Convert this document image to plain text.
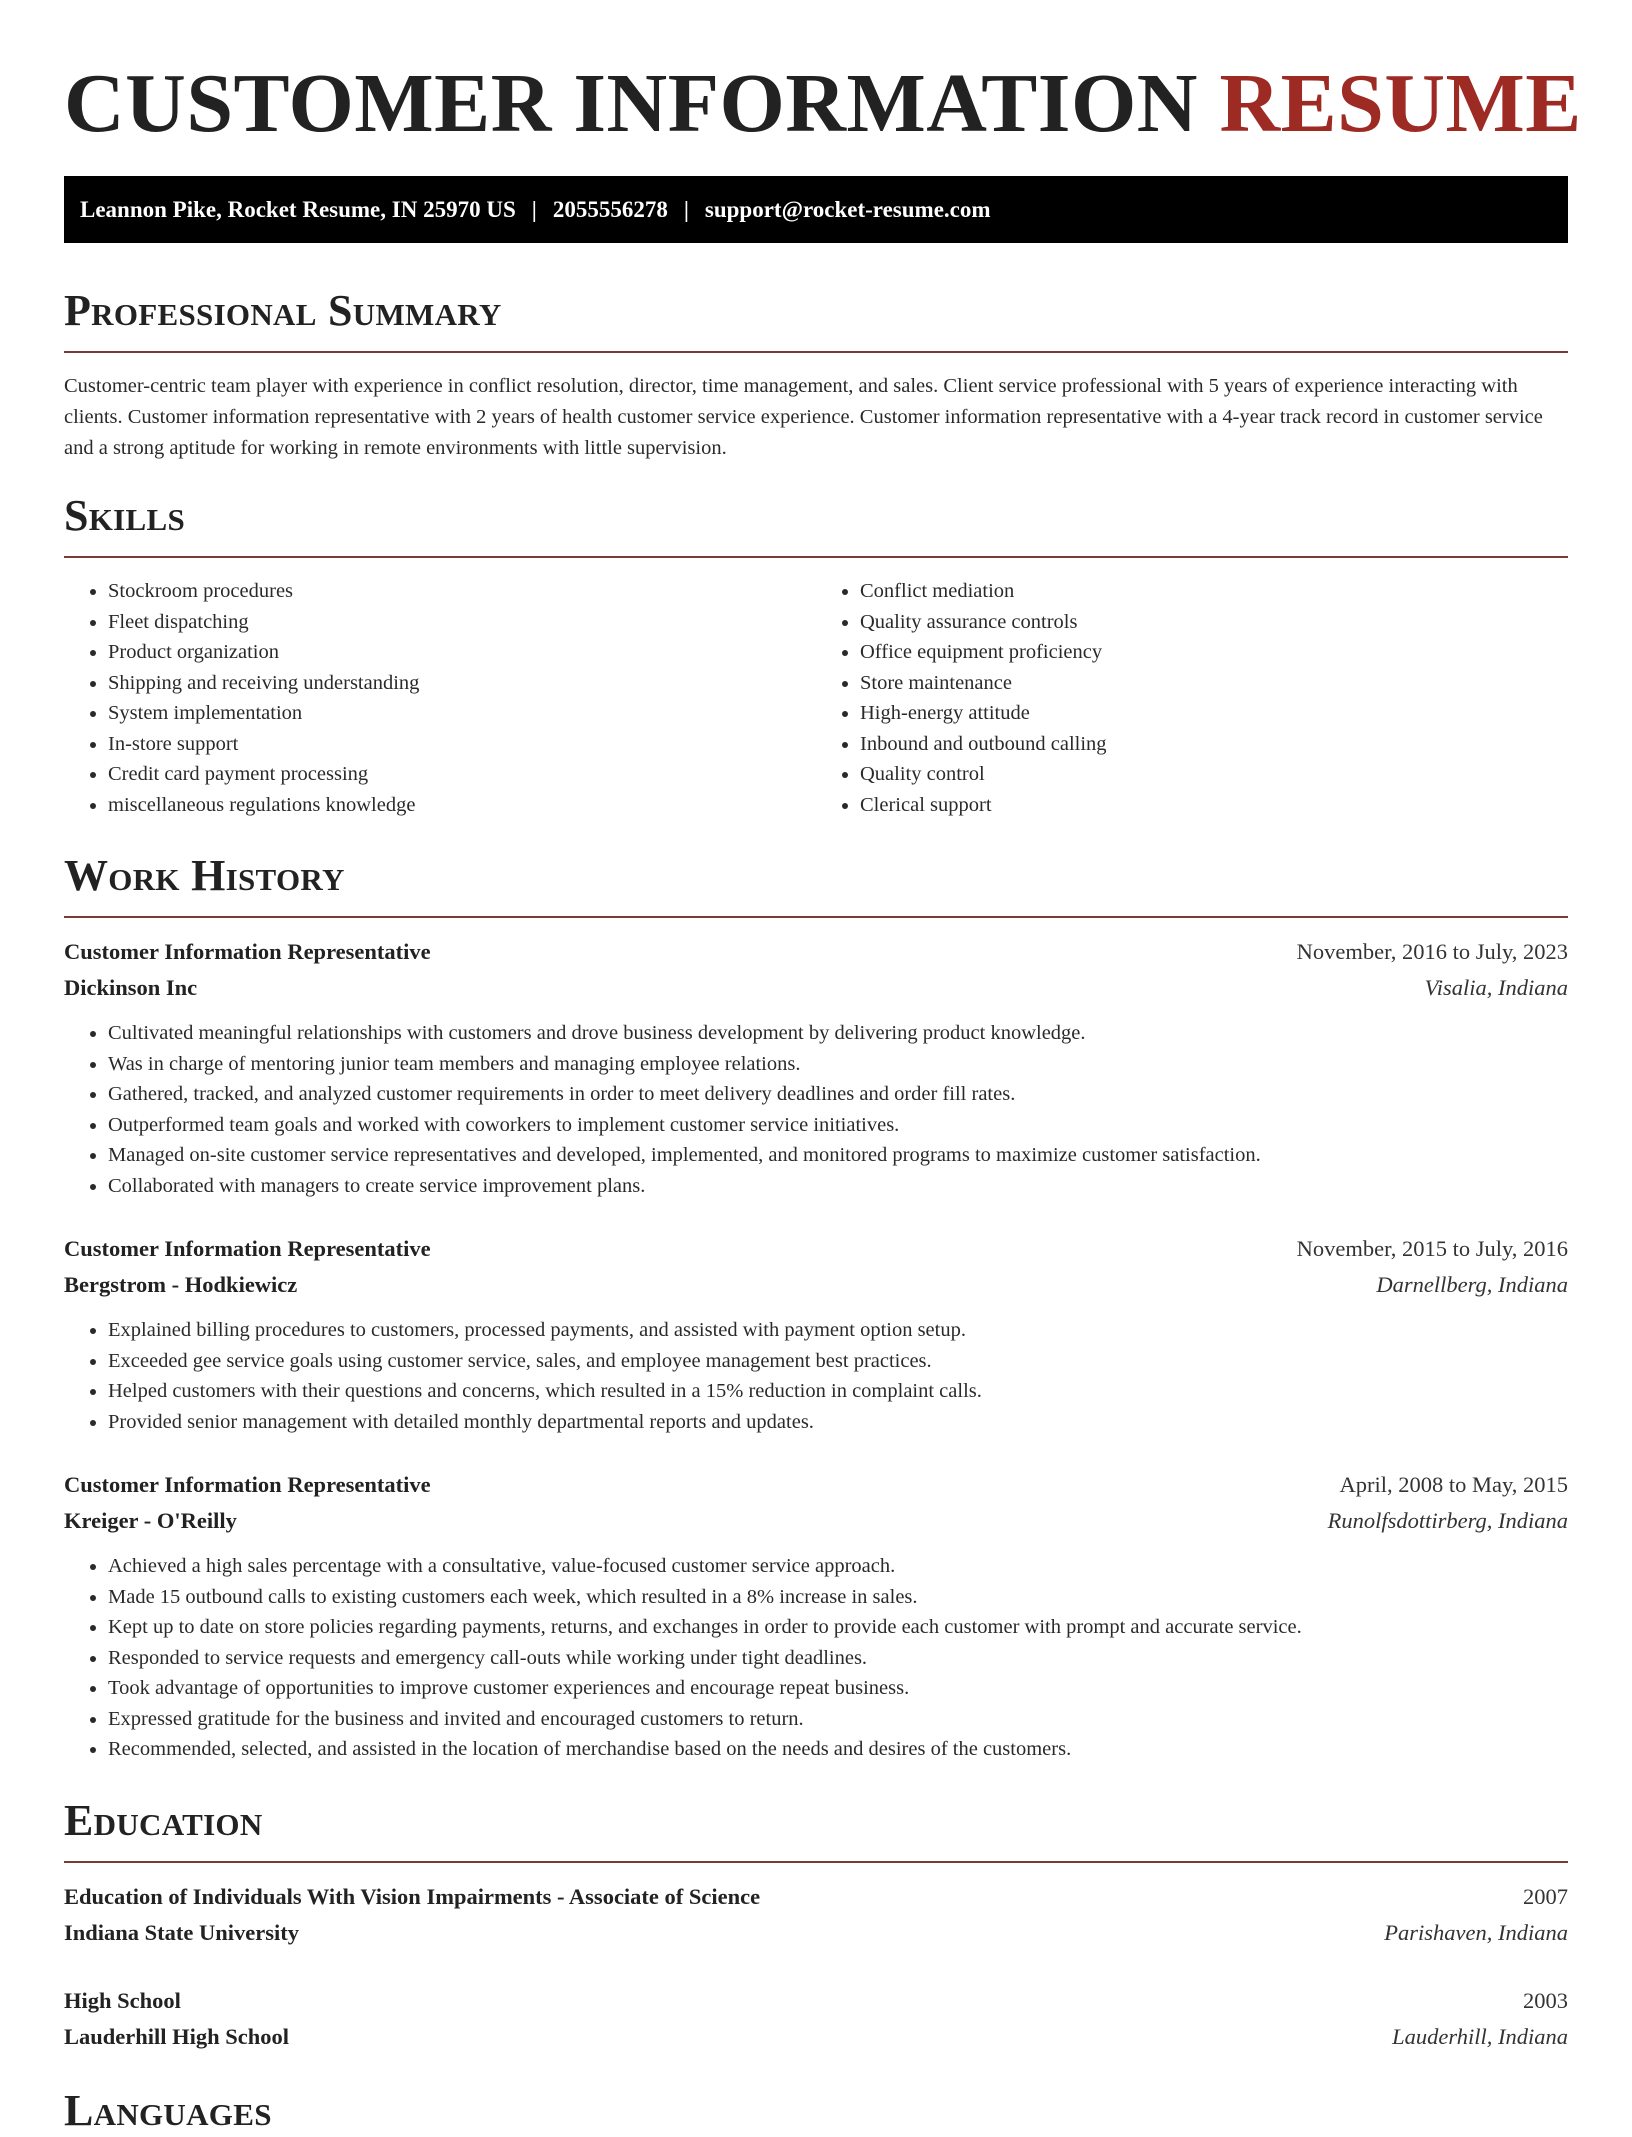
CUSTOMER INFORMATION RESUME
Leannon Pike, Rocket Resume, IN 25970 US | 2055556278 | support@rocket-resume.com
Professional Summary

Customer-centric team player with experience in conflict resolution, director, time management, and sales. Client service professional with 5 years of experience interacting with clients. Customer information representative with 2 years of health customer service experience. Customer information representative with a 4-year track record in customer service and a strong aptitude for working in remote environments with little supervision.

Skills
• Stockroom procedures
• Fleet dispatching
• Product organization
• Shipping and receiving understanding
• System implementation
• In-store support
• Credit card payment processing
• miscellaneous regulations knowledge
• Conflict mediation
• Quality assurance controls
• Office equipment proficiency
• Store maintenance
• High-energy attitude
• Inbound and outbound calling
• Quality control
• Clerical support
Work History
Customer Information Representative	November, 2016 to July, 2023
Dickinson Inc	Visalia, Indiana
• Cultivated meaningful relationships with customers and drove business development by delivering product knowledge.
• Was in charge of mentoring junior team members and managing employee relations.
• Gathered, tracked, and analyzed customer requirements in order to meet delivery deadlines and order fill rates.
• Outperformed team goals and worked with coworkers to implement customer service initiatives.
• Managed on-site customer service representatives and developed, implemented, and monitored programs to maximize customer satisfaction.
• Collaborated with managers to create service improvement plans.
Customer Information Representative	November, 2015 to July, 2016
Bergstrom - Hodkiewicz	Darnellberg, Indiana
• Explained billing procedures to customers, processed payments, and assisted with payment option setup.
• Exceeded gee service goals using customer service, sales, and employee management best practices.
• Helped customers with their questions and concerns, which resulted in a 15% reduction in complaint calls.
• Provided senior management with detailed monthly departmental reports and updates.
Customer Information Representative	April, 2008 to May, 2015
Kreiger - O'Reilly	Runolfsdottirberg, Indiana
• Achieved a high sales percentage with a consultative, value-focused customer service approach.
• Made 15 outbound calls to existing customers each week, which resulted in a 8% increase in sales.
• Kept up to date on store policies regarding payments, returns, and exchanges in order to provide each customer with prompt and accurate service.
• Responded to service requests and emergency call-outs while working under tight deadlines.
• Took advantage of opportunities to improve customer experiences and encourage repeat business.
• Expressed gratitude for the business and invited and encouraged customers to return.
• Recommended, selected, and assisted in the location of merchandise based on the needs and desires of the customers.
Education
Education of Individuals With Vision Impairments - Associate of Science	2007
Indiana State University	Parishaven, Indiana
High School	2003
Lauderhill High School	Lauderhill, Indiana
Languages
